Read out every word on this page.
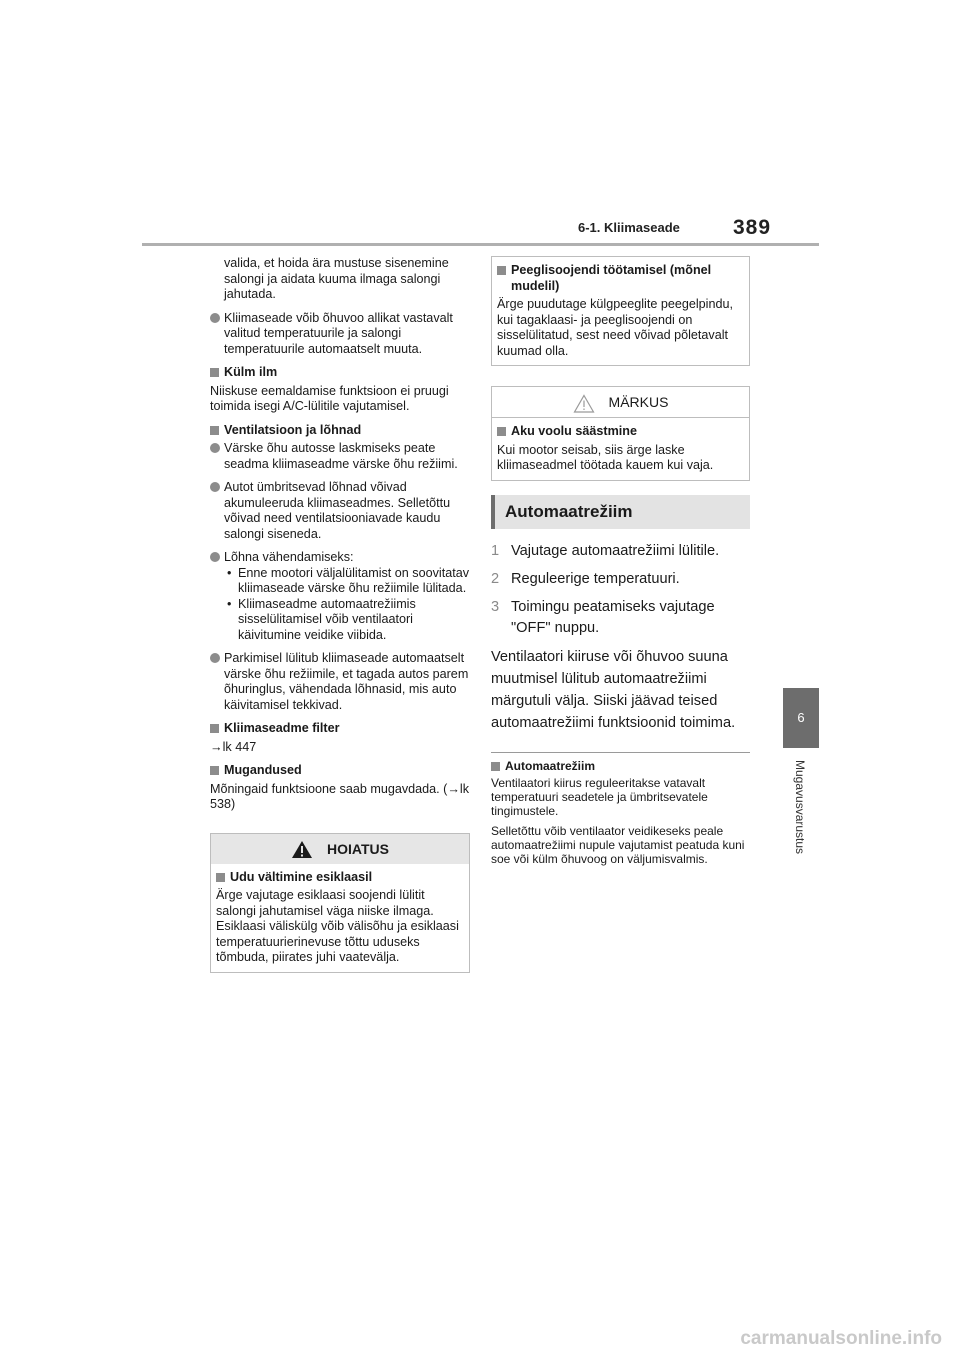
6-1. Kliimaseade	389
6
Mugavusvarustus

valida, et hoida ära mustuse sisenemine salongi ja aidata kuuma ilmaga salongi jahutada.

Kliimaseade võib õhuvoo allikat vastavalt valitud temperatuurile ja salongi temperatuurile automaatselt muuta.
Külm ilm

Niiskuse eemaldamise funktsioon ei pruugi toimida isegi A/C-lülitile vajutamisel.

Ventilatsioon ja lõhnad
Värske õhu autosse laskmiseks peate seadma kliimaseadme värske õhu režiimi.
Autot ümbritsevad lõhnad võivad akumuleeruda kliimaseadmes. Selletõttu võivad need ventilatsiooniavade kaudu salongi siseneda.
Lõhna vähendamiseks:
• Enne mootori väljalülitamist on soovitatav kliimaseade värske õhu režiimile lülitada.
• Kliimaseadme automaatrežiimis sisselülitamisel võib ventilaatori käivitumine veidike viibida.
Parkimisel lülitub kliimaseade automaatselt värske õhu režiimile, et tagada autos parem õhuringlus, vähendada lõhnasid, mis auto käivitamisel tekkivad.
Kliimaseadme filter

→lk 447

Mugandused

Mõningaid funktsioone saab mugavdada. (→lk 538)

HOIATUS
Udu vältimine esiklaasil

Ärge vajutage esiklaasi soojendi lülitit salongi jahutamisel väga niiske ilmaga. Esiklaasi väliskülg võib välisõhu ja esiklaasi temperatuurierinevuse tõttu uduseks tõmbuda, piirates juhi vaatevälja.

Peeglisoojendi töötamisel (mõnel mudelil)

Ärge puudutage külgpeeglite peegelpindu, kui tagaklaasi- ja peeglisoojendi on sisselülitatud, sest need võivad põletavalt kuumad olla.

MÄRKUS
Aku voolu säästmine

Kui mootor seisab, siis ärge laske kliimaseadmel töötada kauem kui vaja.

Automaatrežiim
1 Vajutage automaatrežiimi lülitile.
2 Reguleerige temperatuuri.
3 Toimingu peatamiseks vajutage "OFF" nuppu.

Ventilaatori kiiruse või õhuvoo suuna muutmisel lülitub automaatrežiimi märgutuli välja. Siiski jäävad teised automaatrežiimi funktsioonid toimima.

Automaatrežiim

Ventilaatori kiirus reguleeritakse vatavalt temperatuuri seadetele ja ümbritsevatele tingimustele.

Selletõttu võib ventilaator veidikeseks peale automaatrežiimi nupule vajutamist peatuda kuni soe või külm õhuvoog on väljumisvalmis.

carmanualsonline.info
